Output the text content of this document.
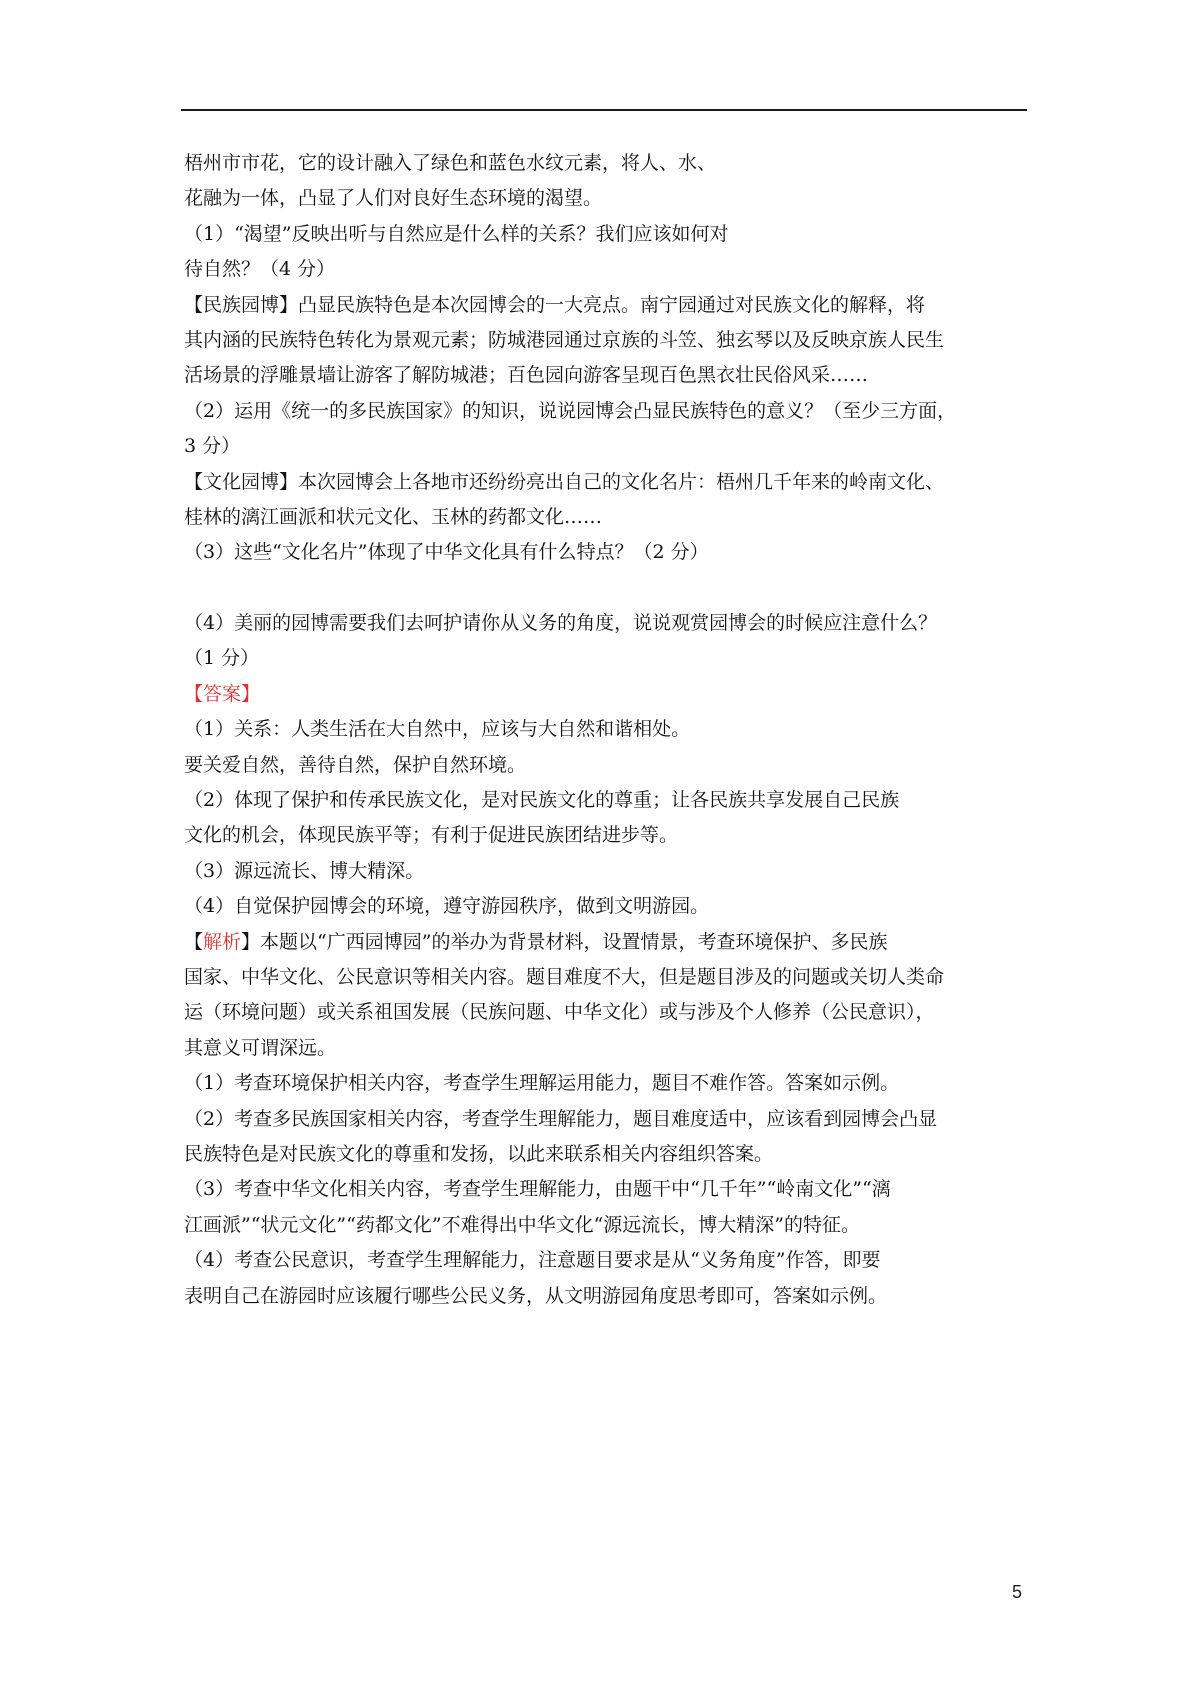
梧州市市花，它的设计融入了绿色和蓝色水纹元素，将人、水、

花融为一体，凸显了人们对良好生态环境的渴望。

（1）“渴望”反映出听与自然应是什么样的关系？我们应该如何对

待自然？（4 分）

【民族园博】凸显民族特色是本次园博会的一大亮点。南宁园通过对民族文化的解释，将

其内涵的民族特色转化为景观元素；防城港园通过京族的斗笠、独玄琴以及反映京族人民生

活场景的浮雕景墙让游客了解防城港；百色园向游客呈现百色黑衣壮民俗风采……

（2）运用《统一的多民族国家》的知识，说说园博会凸显民族特色的意义？（至少三方面，

3 分）

【文化园博】本次园博会上各地市还纷纷亮出自己的文化名片：梧州几千年来的岭南文化、

桂林的漓江画派和状元文化、玉林的药都文化……

（3）这些“文化名片”体现了中华文化具有什么特点？（2 分）

（4）美丽的园博需要我们去呵护请你从义务的角度，说说观赏园博会的时候应注意什么？

（1 分）

【答案】

（1）关系：人类生活在大自然中，应该与大自然和谐相处。

要关爱自然，善待自然，保护自然环境。

（2）体现了保护和传承民族文化，是对民族文化的尊重；让各民族共享发展自己民族

文化的机会，体现民族平等；有利于促进民族团结进步等。

（3）源远流长、博大精深。

（4）自觉保护园博会的环境，遵守游园秩序，做到文明游园。

【解析】本题以“广西园博园”的举办为背景材料，设置情景，考查环境保护、多民族

国家、中华文化、公民意识等相关内容。题目难度不大，但是题目涉及的问题或关切人类命

运（环境问题）或关系祖国发展（民族问题、中华文化）或与涉及个人修养（公民意识），

其意义可谓深远。

（1）考查环境保护相关内容，考查学生理解运用能力，题目不难作答。答案如示例。

（2）考查多民族国家相关内容，考查学生理解能力，题目难度适中，应该看到园博会凸显

民族特色是对民族文化的尊重和发扬，以此来联系相关内容组织答案。

（3）考查中华文化相关内容，考查学生理解能力，由题干中“几千年”“岭南文化”“漓

江画派”“状元文化”“药都文化”不难得出中华文化“源远流长，博大精深”的特征。

（4）考查公民意识，考查学生理解能力，注意题目要求是从“义务角度”作答，即要

表明自己在游园时应该履行哪些公民义务，从文明游园角度思考即可，答案如示例。

5
